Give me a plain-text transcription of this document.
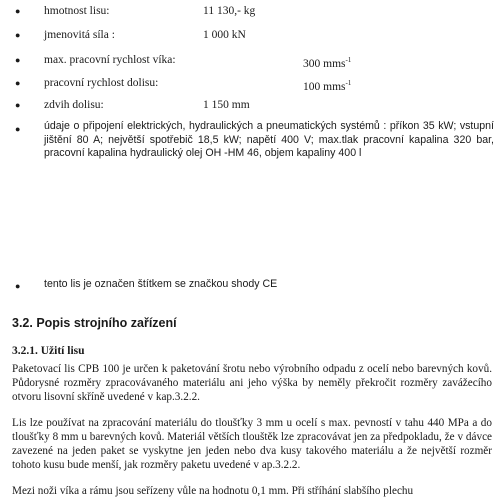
● hmotnost lisu:	11 130,- kg
● jmenovitá síla :	1 000 kN
● max. pracovní rychlost víka:	300 mms$^{-1}$
● pracovní rychlost dolisu:	100 mms$^{-1}$
● zdvih dolisu:	1 150 mm
● údaje o připojení elektrických, hydraulických a pneumatických systémů : příkon 35 kW; vstupní jištění 80 A; největší spotřebič 18,5 kW; napětí 400 V; max.tlak pracovní kapalina 320 bar, pracovní kapalina hydraulický olej OH -HM 46, objem kapaliny 400 l
● tento lis je označen štítkem se značkou shody CE
3.2. Popis strojního zařízení
3.2.1. Užití lisu
Paketovací lis CPB 100 je určen k paketování šrotu nebo výrobního odpadu z ocelí nebo barevných kovů. Půdorysné rozměry zpracovávaného materiálu ani jeho výška by neměly překročit rozměry zavážecího otvoru lisovní skříně uvedené v kap.3.2.2.
Lis lze používat na zpracování materiálu do tloušťky 3 mm u ocelí s max. pevností v tahu 440 MPa a do tloušťky 8 mm u barevných kovů. Materiál větších tlouštěk lze zpracovávat jen za předpokladu, že v dávce zavezené na jeden paket se vyskytne jen jeden nebo dva kusy takového materiálu a že největší rozměr tohoto kusu bude menší, jak rozměry paketu uvedené v ap.3.2.2.
Mezi noži víka a rámu jsou seřízeny vůle na hodnotu 0,1 mm. Při stříhání slabšího plechu
